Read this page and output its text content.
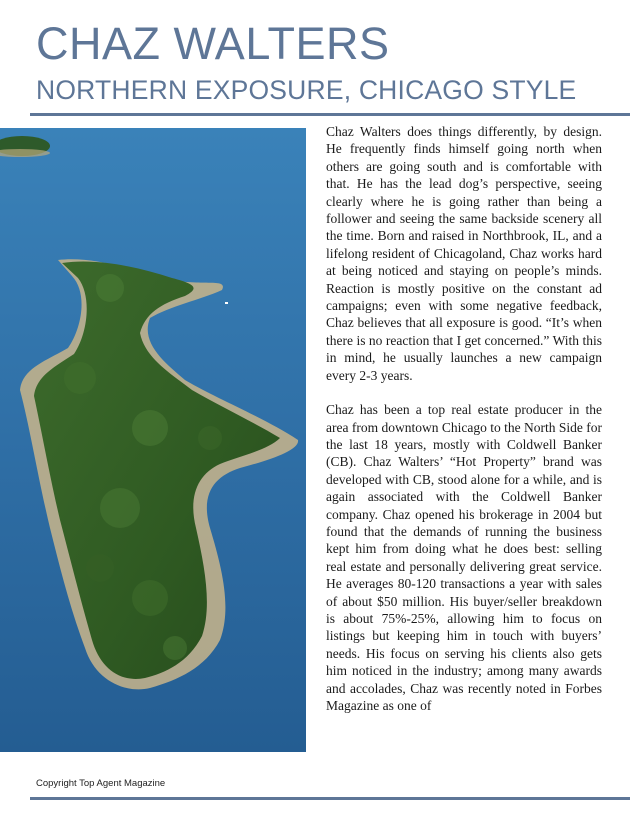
CHAZ WALTERS
NORTHERN EXPOSURE, CHICAGO STYLE

Chaz Walters does things differently, by design. He frequently finds himself going north when others are going south and is comfortable with that. He has the lead dog’s perspective, seeing clearly where he is going rather than being a follower and seeing the same backside scenery all the time. Born and raised in Northbrook, IL, and a lifelong resident of Chicagoland, Chaz works hard at being noticed and staying on people’s minds. Reaction is mostly positive on the constant ad campaigns; even with some negative feedback, Chaz believes that all exposure is good. “It’s when there is no reaction that I get concerned.” With this in mind, he usually launches a new campaign every 2-3 years.

Chaz has been a top real estate producer in the area from downtown Chicago to the North Side for the last 18 years, mostly with Coldwell Banker (CB). Chaz Walters’ “Hot Property” brand was developed with CB, stood alone for a while, and is again associated with the Coldwell Banker company. Chaz opened his brokerage in 2004 but found that the demands of running the business kept him from doing what he does best: selling real estate and personally delivering great service. He averages 80-120 transactions a year with sales of about $50 million. His buyer/seller breakdown is about 75%-25%, allowing him to focus on listings but keeping him in touch with buyers’ needs. His focus on serving his clients also gets him noticed in the industry; among many awards and accolades, Chaz was recently noted in Forbes Magazine as one of

Copyright Top Agent Magazine
